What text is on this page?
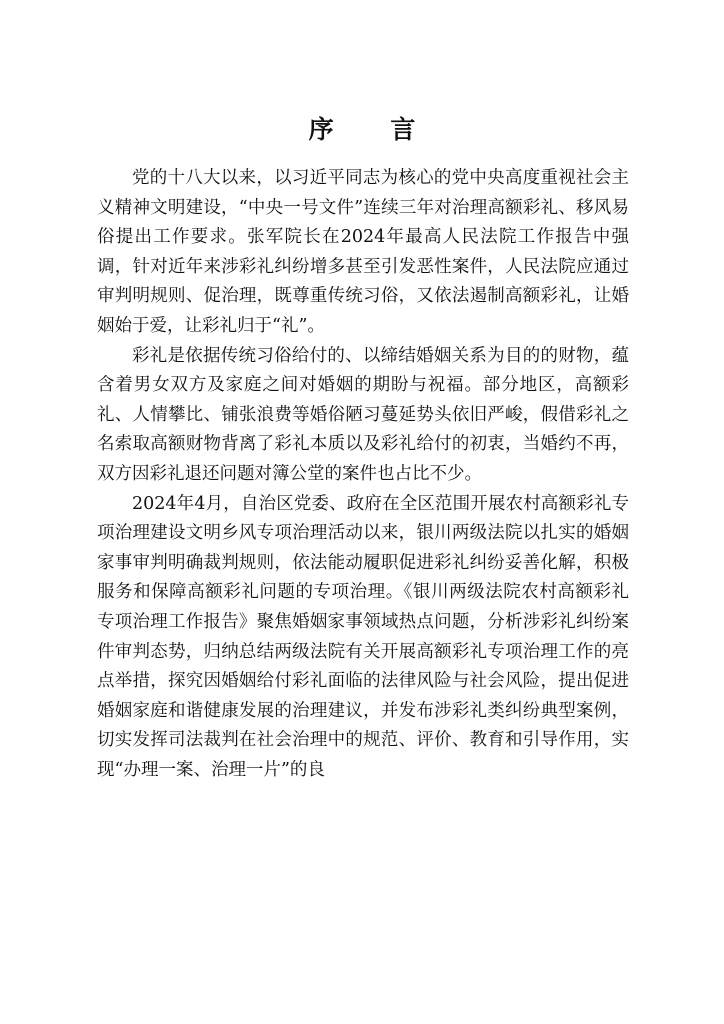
序 言

党的十八大以来，以习近平同志为核心的党中央高度重视社会主义精神文明建设，“中央一号文件”连续三年对治理高额彩礼、移风易俗提出工作要求。张军院长在2024年最高人民法院工作报告中强调，针对近年来涉彩礼纠纷增多甚至引发恶性案件，人民法院应通过审判明规则、促治理，既尊重传统习俗，又依法遏制高额彩礼，让婚姻始于爱，让彩礼归于“礼”。

彩礼是依据传统习俗给付的、以缔结婚姻关系为目的的财物，蕴含着男女双方及家庭之间对婚姻的期盼与祝福。部分地区，高额彩礼、人情攀比、铺张浪费等婚俗陋习蔓延势头依旧严峻，假借彩礼之名索取高额财物背离了彩礼本质以及彩礼给付的初衷，当婚约不再，双方因彩礼退还问题对簿公堂的案件也占比不少。

2024年4月，自治区党委、政府在全区范围开展农村高额彩礼专项治理建设文明乡风专项治理活动以来，银川两级法院以扎实的婚姻家事审判明确裁判规则，依法能动履职促进彩礼纠纷妥善化解，积极服务和保障高额彩礼问题的专项治理。《银川两级法院农村高额彩礼专项治理工作报告》聚焦婚姻家事领域热点问题，分析涉彩礼纠纷案件审判态势，归纳总结两级法院有关开展高额彩礼专项治理工作的亮点举措，探究因婚姻给付彩礼面临的法律风险与社会风险，提出促进婚姻家庭和谐健康发展的治理建议，并发布涉彩礼类纠纷典型案例，切实发挥司法裁判在社会治理中的规范、评价、教育和引导作用，实现“办理一案、治理一片”的良
